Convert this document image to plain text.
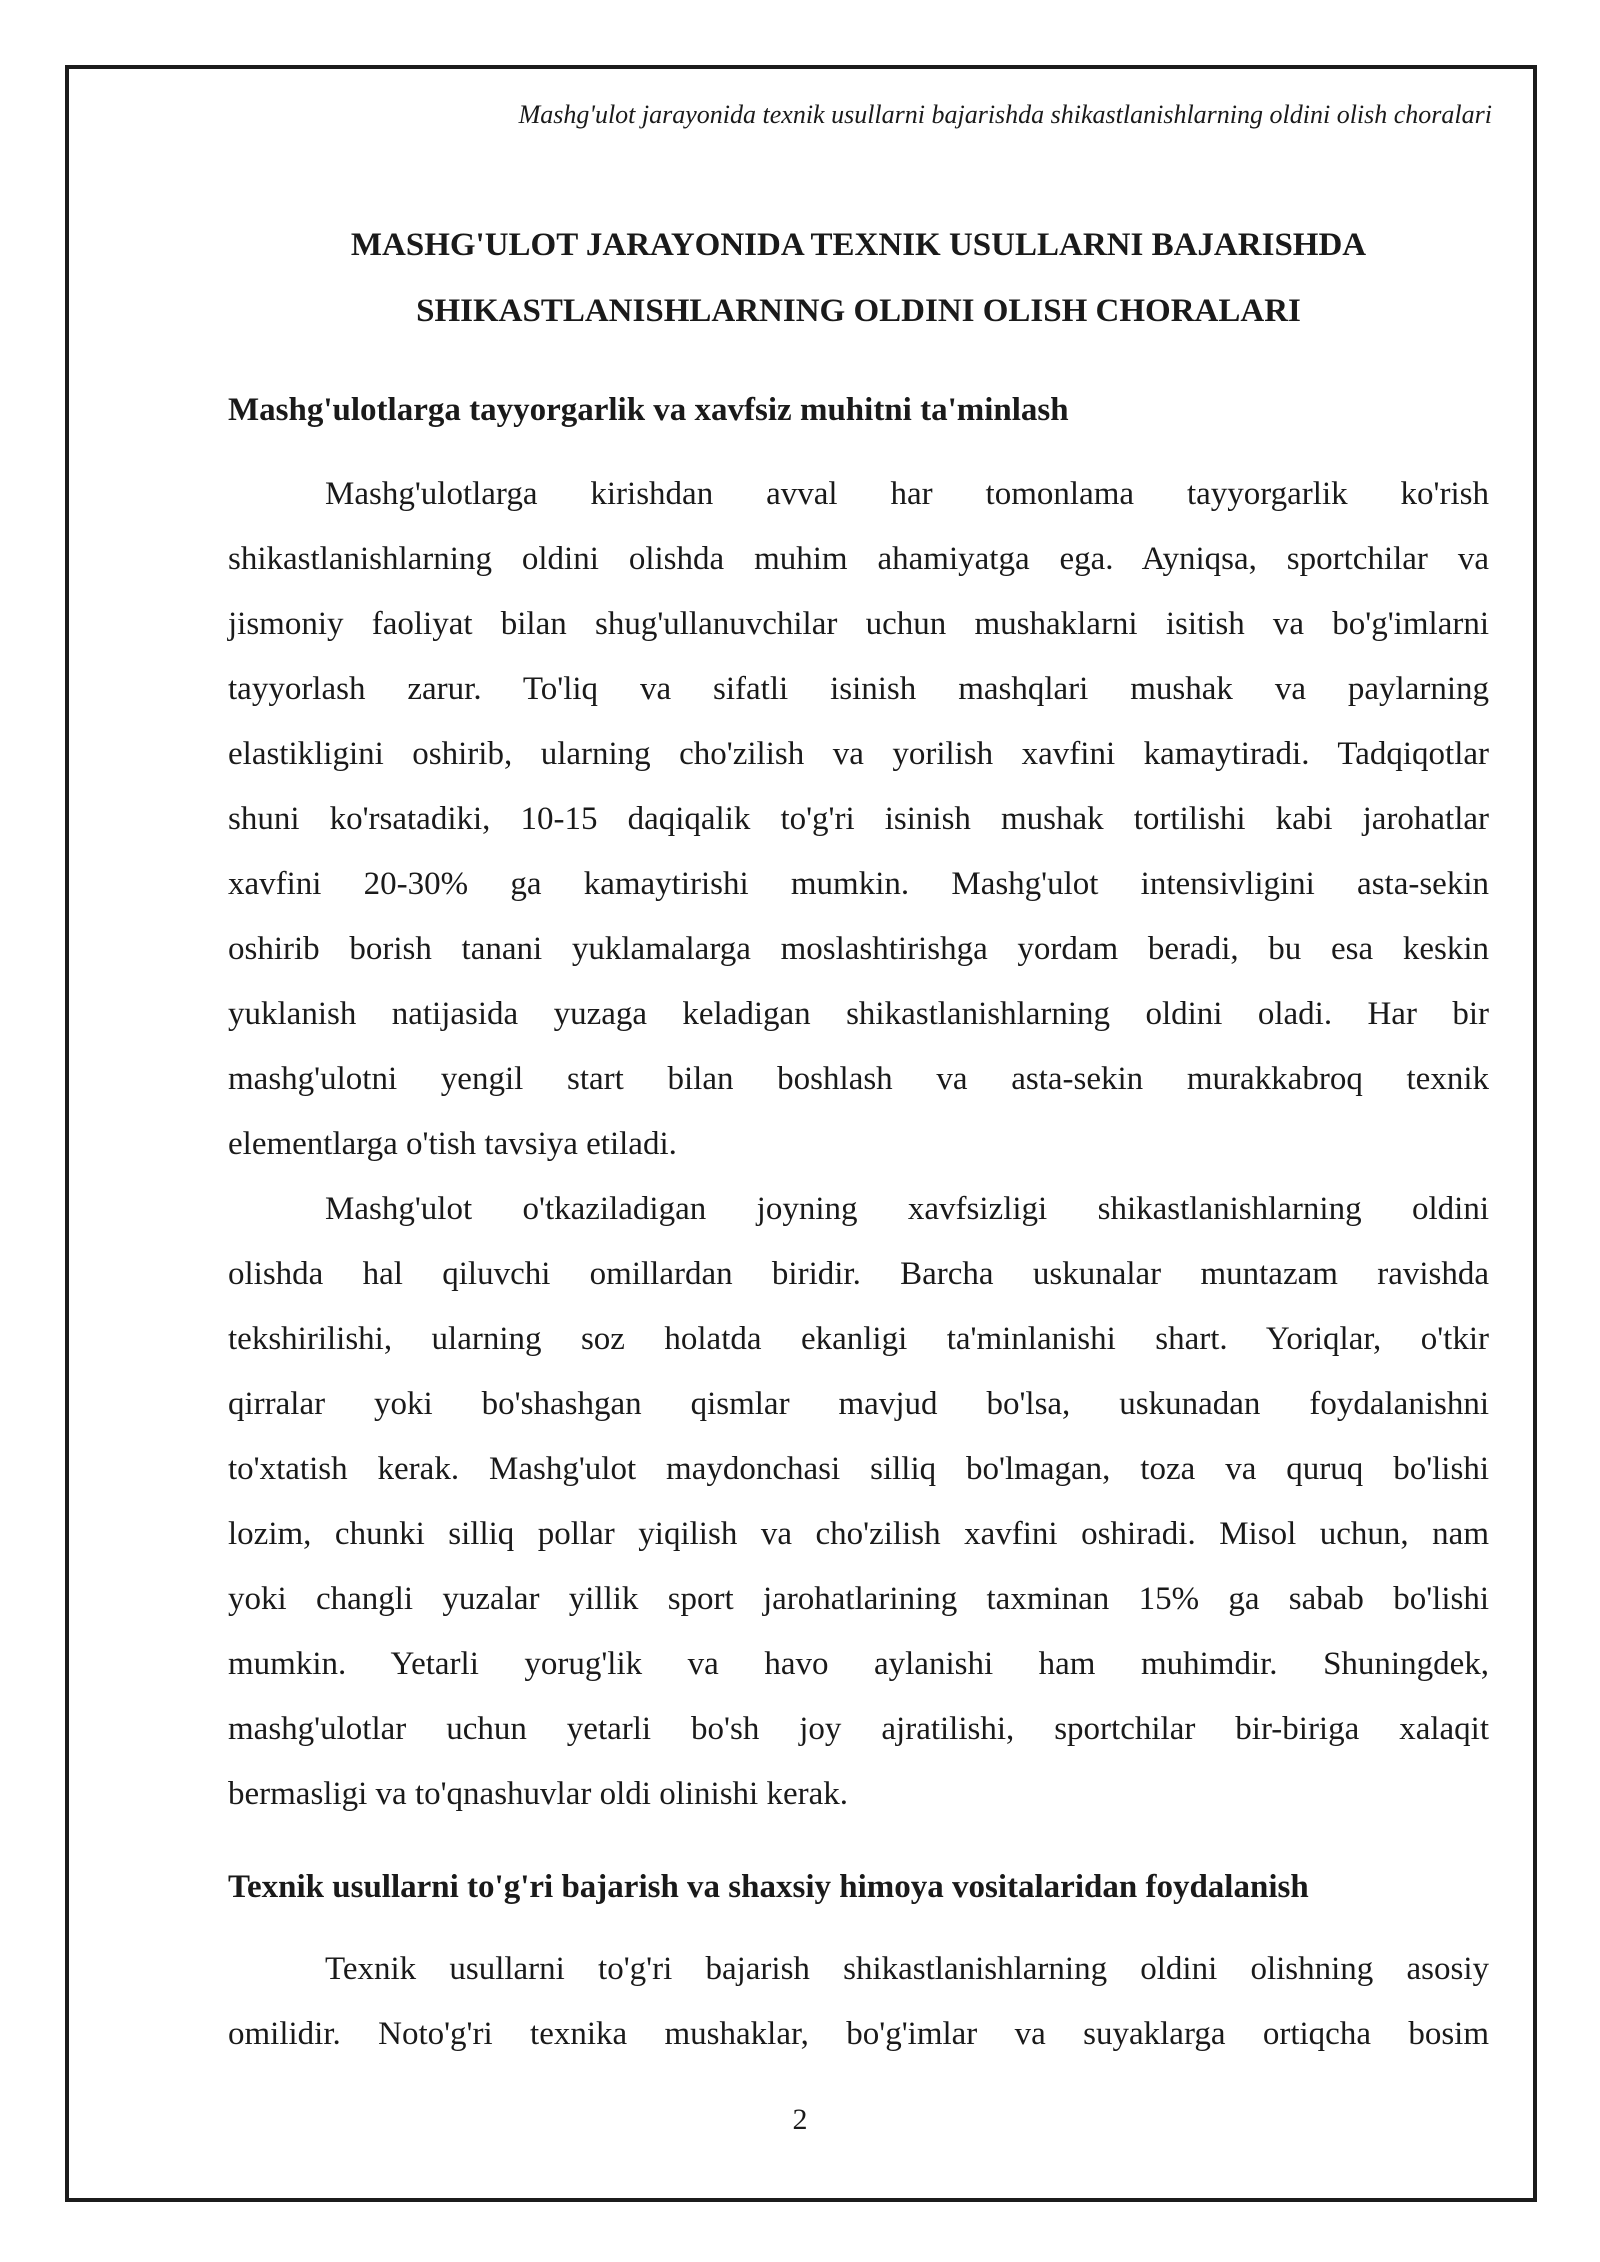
Mashg'ulot jarayonida texnik usullarni bajarishda shikastlanishlarning oldini olish choralari
MASHG'ULOT JARAYONIDA TEXNIK USULLARNI BAJARISHDA
SHIKASTLANISHLARNING OLDINI OLISH CHORALARI
Mashg'ulotlarga tayyorgarlik va xavfsiz muhitni ta'minlash
Mashg'ulotlarga kirishdan avval har tomonlama tayyorgarlik ko'rish
shikastlanishlarning oldini olishda muhim ahamiyatga ega. Ayniqsa, sportchilar va
jismoniy faoliyat bilan shug'ullanuvchilar uchun mushaklarni isitish va bo'g'imlarni
tayyorlash zarur. To'liq va sifatli isinish mashqlari mushak va paylarning
elastikligini oshirib, ularning cho'zilish va yorilish xavfini kamaytiradi. Tadqiqotlar
shuni ko'rsatadiki, 10-15 daqiqalik to'g'ri isinish mushak tortilishi kabi jarohatlar
xavfini 20-30% ga kamaytirishi mumkin. Mashg'ulot intensivligini asta-sekin
oshirib borish tanani yuklamalarga moslashtirishga yordam beradi, bu esa keskin
yuklanish natijasida yuzaga keladigan shikastlanishlarning oldini oladi. Har bir
mashg'ulotni yengil start bilan boshlash va asta-sekin murakkabroq texnik
elementlarga o'tish tavsiya etiladi.
Mashg'ulot o'tkaziladigan joyning xavfsizligi shikastlanishlarning oldini
olishda hal qiluvchi omillardan biridir. Barcha uskunalar muntazam ravishda
tekshirilishi, ularning soz holatda ekanligi ta'minlanishi shart. Yoriqlar, o'tkir
qirralar yoki bo'shashgan qismlar mavjud bo'lsa, uskunadan foydalanishni
to'xtatish kerak. Mashg'ulot maydonchasi silliq bo'lmagan, toza va quruq bo'lishi
lozim, chunki silliq pollar yiqilish va cho'zilish xavfini oshiradi. Misol uchun, nam
yoki changli yuzalar yillik sport jarohatlarining taxminan 15% ga sabab bo'lishi
mumkin. Yetarli yorug'lik va havo aylanishi ham muhimdir. Shuningdek,
mashg'ulotlar uchun yetarli bo'sh joy ajratilishi, sportchilar bir-biriga xalaqit
bermasligi va to'qnashuvlar oldi olinishi kerak.
Texnik usullarni to'g'ri bajarish va shaxsiy himoya vositalaridan foydalanish
Texnik usullarni to'g'ri bajarish shikastlanishlarning oldini olishning asosiy
omilidir. Noto'g'ri texnika mushaklar, bo'g'imlar va suyaklarga ortiqcha bosim
2
